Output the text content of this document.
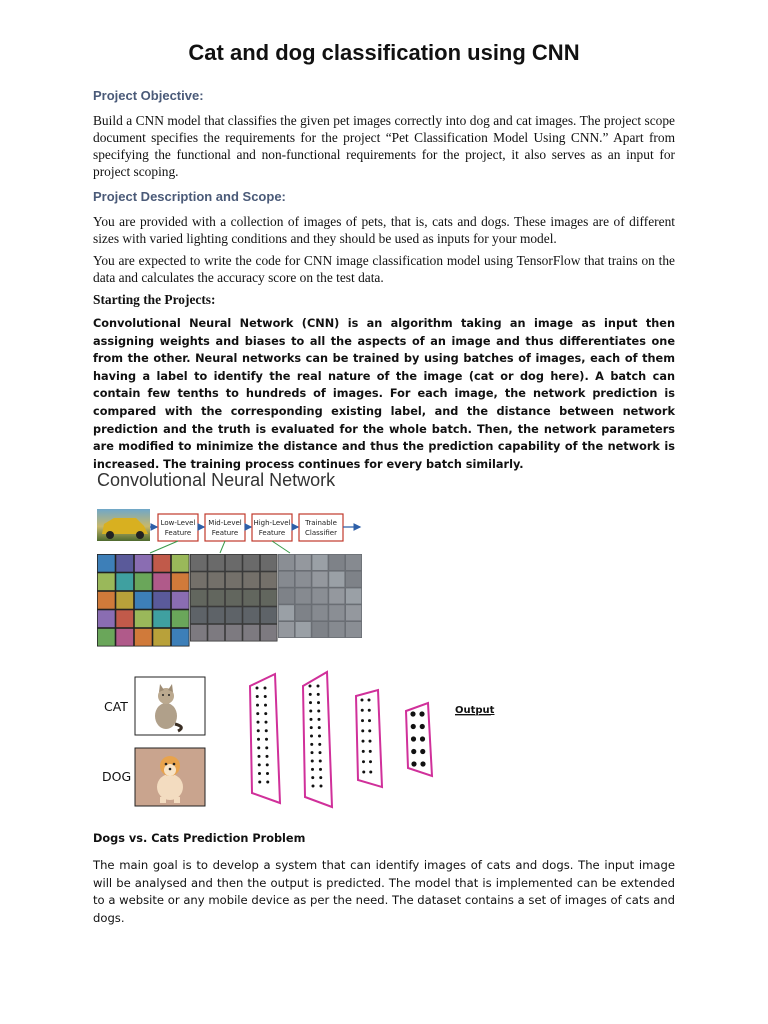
Cat and dog classification using CNN
Project Objective:
Build a CNN model that classifies the given pet images correctly into dog and cat images. The project scope document specifies the requirements for the project “Pet Classification Model Using CNN.” Apart from specifying the functional and non-functional requirements for the project, it also serves as an input for project scoping.
Project Description and Scope:
You are provided with a collection of images of pets, that is, cats and dogs. These images are of different sizes with varied lighting conditions and they should be used as inputs for your model.
You are expected to write the code for CNN image classification model using TensorFlow that trains on the data and calculates the accuracy score on the test data.
Starting the Projects:
Convolutional Neural Network (CNN) is an algorithm taking an image as input then assigning weights and biases to all the aspects of an image and thus differentiates one from the other. Neural networks can be trained by using batches of images, each of them having a label to identify the real nature of the image (cat or dog here). A batch can contain few tenths to hundreds of images. For each image, the network prediction is compared with the corresponding existing label, and the distance between network prediction and the truth is evaluated for the whole batch. Then, the network parameters are modified to minimize the distance and thus the prediction capability of the network is increased. The training process continues for every batch similarly.
Convolutional Neural Network
Low-Level
Feature
Mid-Level
Feature
High-Level
Feature
Trainable
Classifier
CAT
DOG
Output
Dogs vs. Cats Prediction Problem
The main goal is to develop a system that can identify images of cats and dogs. The input image will be analysed and then the output is predicted. The model that is implemented can be extended to a website or any mobile device as per the need. The dataset contains a set of images of cats and dogs.
